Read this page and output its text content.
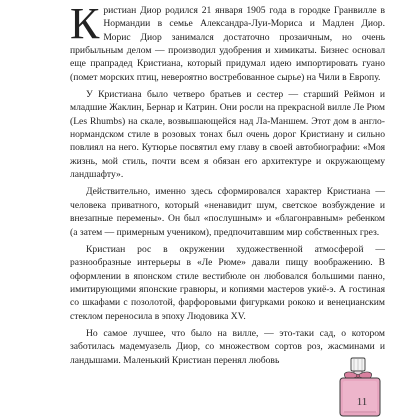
Кристиан Диор родился 21 января 1905 года в городке Гранвилле в Нормандии в семье Александра-Луи-Мориса и Мадлен Диор. Морис Диор занимался достаточно прозаичным, но очень прибыльным делом — производил удобрения и химикаты. Бизнес основал еще прапрадед Кристиана, который придумал идею импортировать гуано (помет морских птиц, невероятно востребованное сырье) на Чили в Европу.

У Кристиана было четверо братьев и сестер — старший Реймон и младшие Жаклин, Бернар и Катрин. Они росли на прекрасной вилле Ле Рюм (Les Rhumbs) на скале, возвышающейся над Ла-Маншем. Этот дом в англо-нормандском стиле в розовых тонах был очень дорог Кристиану и сильно повлиял на него. Кутюрье посвятил ему главу в своей автобиографии: «Моя жизнь, мой стиль, почти всем я обязан его архитектуре и окружающему ландшафту».

Действительно, именно здесь сформировался характер Кристиана — человека приватного, который «ненавидит шум, светское возбуждение и внезапные перемены». Он был «послушным» и «благонравным» ребенком (а затем — примерным учеником), предпочитавшим мир собственных грез.

Кристиан рос в окружении художественной атмосферой — разнообразные интерьеры в «Ле Рюме» давали пищу воображению. В оформлении в японском стиле вестибюле он любовался большими панно, имитирующими японские гравюры, и копиями мастеров укиё-э. А гостиная со шкафами с позолотой, фарфоровыми фигурками рококо и венецианским стеклом переносила в эпоху Людовика XV.

Но самое лучшее, что было на вилле, — это-таки сад, о котором заботилась мадемуазель Диор, со множеством сортов роз, жасминами и ландышами. Маленький Кристиан перенял любовь

11
